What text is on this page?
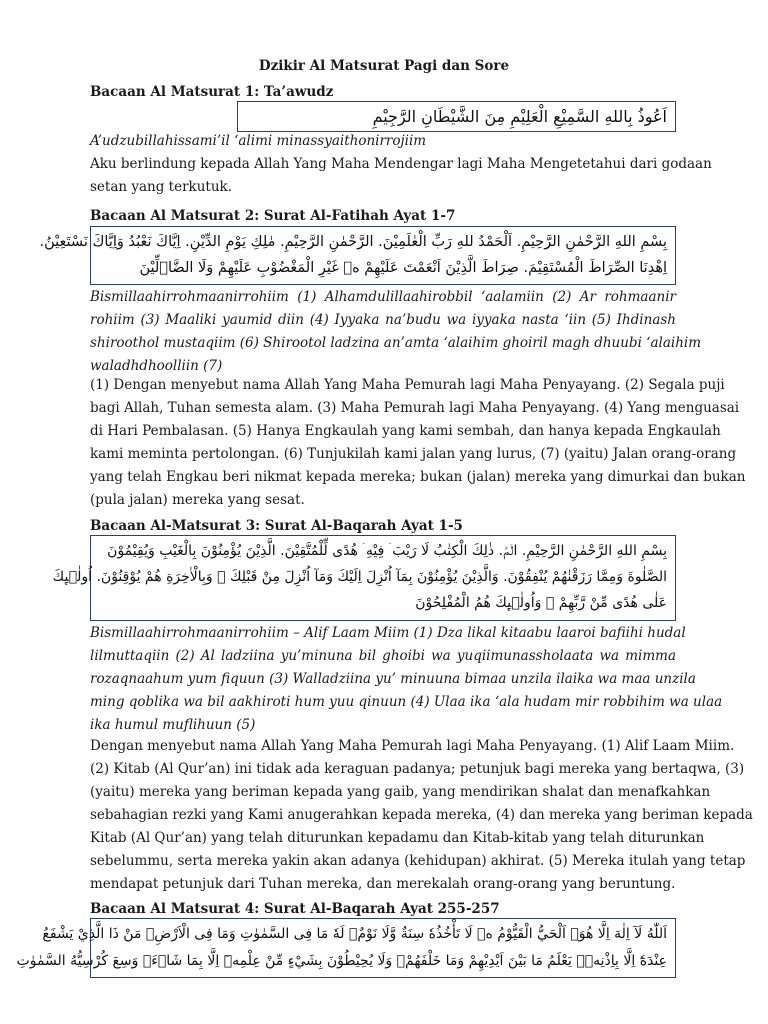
Dzikir Al Matsurat Pagi dan Sore
Bacaan Al Matsurat 1: Ta’awudz
اَعُوذُ بِاللهِ السَّمِيْعِ الْعَلِيْمِ مِنَ الشَّيْطَانِ الرَّجِيْمِ

A’udzubillahissami’il ‘alimi minassyaithonirrojiim

Aku berlindung kepada Allah Yang Maha Mendengar lagi Maha Mengetetahui dari godaan
setan yang terkutuk.

Bacaan Al Matsurat 2: Surat Al-Fatihah Ayat 1-7
بِسْمِ اللهِ الرَّحْمٰنِ الرَّحِيْمِ. اَلْحَمْدُ للهِ رَبِّ الْعٰلَمِيْنَ. الرَّحْمٰنِ الرَّحِيْمِ. مٰلِكِ يَوْمِ الدِّيْنِ. اِيَّاكَ نَعْبُدُ وَاِيَّاكَ نَسْتَعِيْنُ.
اِهْدِنَا الصِّرَاطَ الْمُسْتَقِيْمَ. صِرَاطَ الَّذِيْنَ اَنْعَمْتَ عَلَيْهِمْ ەۙ غَيْرِ الْمَغْضُوْبِ عَلَيْهِمْ وَلَا الضَّاۤلِّيْنَ

Bismillaahirrohmaanirrohiim (1) Alhamdulillaahirobbil ‘aalamiin (2) Ar rohmaanir
rohiim (3) Maaliki yaumid diin (4) Iyyaka na’budu wa iyyaka nasta ‘iin (5) Ihdinash
shiroothol mustaqiim (6) Shirootol ladzina an’amta ‘alaihim ghoiril magh dhuubi ‘alaihim
waladhdhoolliin (7)

(1) Dengan menyebut nama Allah Yang Maha Pemurah lagi Maha Penyayang. (2) Segala puji
bagi Allah, Tuhan semesta alam. (3) Maha Pemurah lagi Maha Penyayang. (4) Yang menguasai
di Hari Pembalasan. (5) Hanya Engkaulah yang kami sembah, dan hanya kepada Engkaulah
kami meminta pertolongan. (6) Tunjukilah kami jalan yang lurus, (7) (yaitu) Jalan orang-orang
yang telah Engkau beri nikmat kepada mereka; bukan (jalan) mereka yang dimurkai dan bukan
(pula jalan) mereka yang sesat.

Bacaan Al-Matsurat 3: Surat Al-Baqarah Ayat 1-5
بِسْمِ اللهِ الرَّحْمٰنِ الرَّحِيْمِ. الۤمّۤ. ذٰلِكَ الْكِتٰبُ لَا رَيْبَ ۛ فِيْهِ ۛ هُدًى لِّلْمُتَّقِيْنَ. الَّذِيْنَ يُؤْمِنُوْنَ بِالْغَيْبِ وَيُقِيْمُوْنَ
الصَّلٰوةَ وَمِمَّا رَزَقْنٰهُمْ يُنْفِقُوْنَ. وَالَّذِيْنَ يُؤْمِنُوْنَ بِمَآ اُنْزِلَ اِلَيْكَ وَمَآ اُنْزِلَ مِنْ قَبْلِكَ ۚ وَبِالْاٰخِرَةِ هُمْ يُوْقِنُوْنَ. اُولٰۤىِٕكَ
عَلٰى هُدًى مِّنْ رَّبِّهِمْ ۙ وَاُولٰۤىِٕكَ هُمُ الْمُفْلِحُوْنَ

Bismillaahirrohmaanirrohiim – Alif Laam Miim (1) Dza likal kitaabu laaroi bafiihi hudal
lilmuttaqiin (2) Al ladziina yu’minuna bil ghoibi wa yuqiimunassholaata wa mimma
rozaqnaahum yum fiquun (3) Walladziina yu’ minuuna bimaa unzila ilaika wa maa unzila
ming qoblika wa bil aakhiroti hum yuu qinuun (4) Ulaa ika ‘ala hudam mir robbihim wa ulaa
ika humul muflihuun (5)

Dengan menyebut nama Allah Yang Maha Pemurah lagi Maha Penyayang. (1) Alif Laam Miim.
(2) Kitab (Al Qur’an) ini tidak ada keraguan padanya; petunjuk bagi mereka yang bertaqwa, (3)
(yaitu) mereka yang beriman kepada yang gaib, yang mendirikan shalat dan menafkahkan
sebahagian rezki yang Kami anugerahkan kepada mereka, (4) dan mereka yang beriman kepada
Kitab (Al Qur’an) yang telah diturunkan kepadamu dan Kitab-kitab yang telah diturunkan
sebelummu, serta mereka yakin akan adanya (kehidupan) akhirat. (5) Mereka itulah yang tetap
mendapat petunjuk dari Tuhan mereka, dan merekalah orang-orang yang beruntung.

Bacaan Al Matsurat 4: Surat Al-Baqarah Ayat 255-257
اَللّٰهُ لَآ اِلٰهَ اِلَّا هُوَۚ اَلْحَيُّ الْقَيُّوْمُ ەۚ لَا تَأْخُذُهٗ سِنَةٌ وَّلَا نَوْمٌۗ لَهٗ مَا فِى السَّمٰوٰتِ وَمَا فِى الْاَرْضِۗ مَنْ ذَا الَّذِيْ يَشْفَعُ
عِنْدَهٗٓ اِلَّا بِاِذْنِهٖۗ يَعْلَمُ مَا بَيْنَ اَيْدِيْهِمْ وَمَا خَلْفَهُمْۚ وَلَا يُحِيْطُوْنَ بِشَيْءٍ مِّنْ عِلْمِهٖٓ اِلَّا بِمَا شَاۤءَۚ وَسِعَ كُرْسِيُّهُ السَّمٰوٰتِ
